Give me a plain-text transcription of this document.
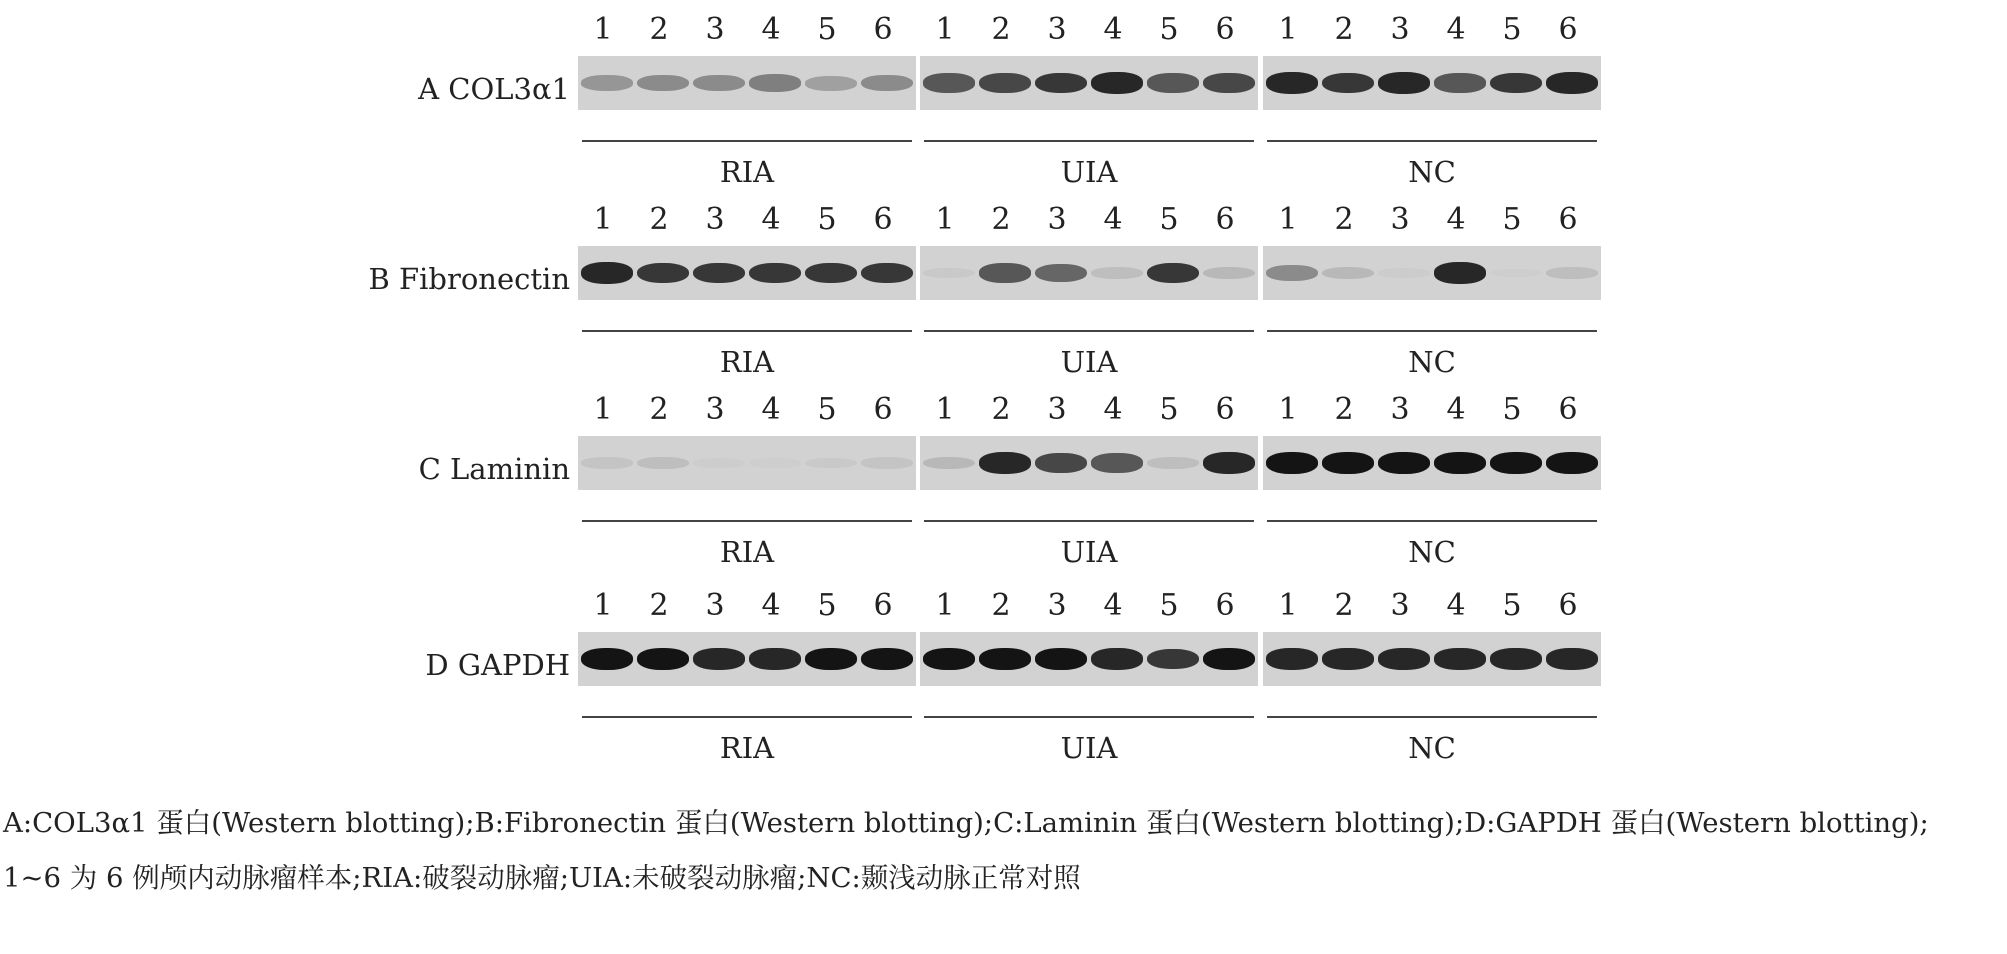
A COL3α1
1 2 3 4 5 6
RIA
1 2 3 4 5 6
UIA
1 2 3 4 5 6
NC
B Fibronectin
1 2 3 4 5 6
RIA
1 2 3 4 5 6
UIA
1 2 3 4 5 6
NC
C Laminin
1 2 3 4 5 6
RIA
1 2 3 4 5 6
UIA
1 2 3 4 5 6
NC
D GAPDH
1 2 3 4 5 6
RIA
1 2 3 4 5 6
UIA
1 2 3 4 5 6
NC
A:COL3α1 蛋白(Western blotting);B:Fibronectin 蛋白(Western blotting);C:Laminin 蛋白(Western blotting);D:GAPDH 蛋白(Western blotting);
1~6 为 6 例颅内动脉瘤样本;RIA:破裂动脉瘤;UIA:未破裂动脉瘤;NC:颞浅动脉正常对照
